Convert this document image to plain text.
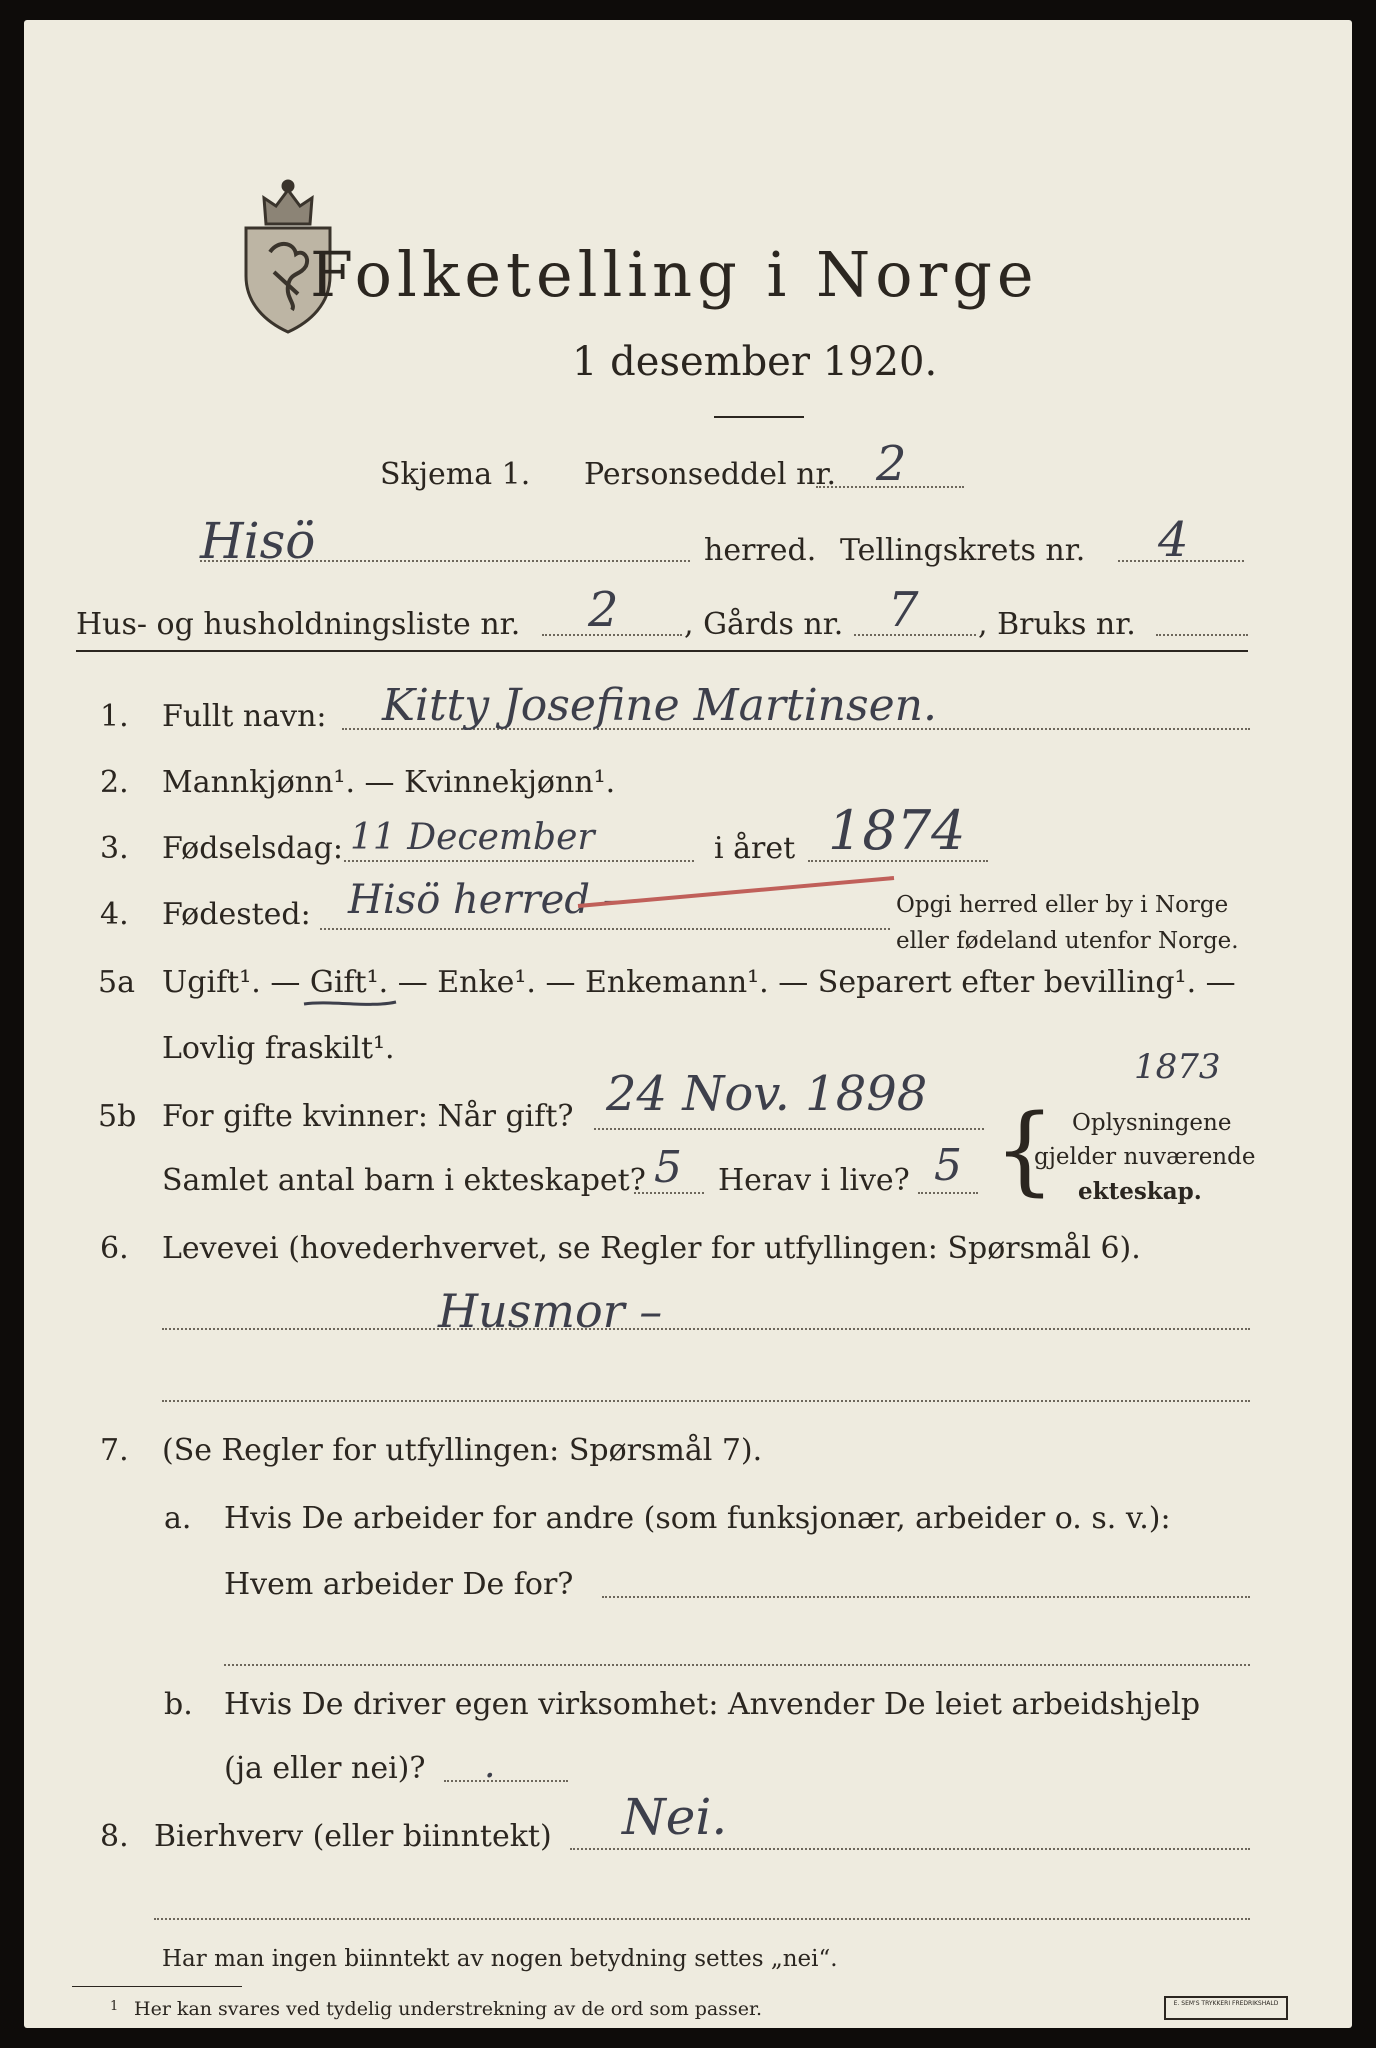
Folketelling i Norge
1 desember 1920.
Skjema 1. Personseddel nr. 2
Hisö	herred. Tellingskrets nr. 4
Hus- og husholdningsliste nr. 2 , Gårds nr. 7 , Bruks nr.
1. Fullt navn: Kitty Josefine Martinsen.
2. Mannkjønn¹. — Kvinnekjønn¹.
3. Fødselsdag: 11 December	i året 1874
4. Fødested: Hisö herred –	Opgi herred eller by i Norge
eller fødeland utenfor Norge.
5a Ugift¹. — Gift¹. — Enke¹. — Enkemann¹. — Separert efter bevilling¹. —
Lovlig fraskilt¹.	1873
5b For gifte kvinner: Når gift? 24 Nov. 1898
Samlet antal barn i ekteskapet? 5 Herav i live? 5 { Oplysningene
gjelder nuværende
ekteskap.
6. Levevei (hovederhvervet, se Regler for utfyllingen: Spørsmål 6).
Husmor –
7. (Se Regler for utfyllingen: Spørsmål 7).
a. Hvis De arbeider for andre (som funksjonær, arbeider o. s. v.):
Hvem arbeider De for?
b. Hvis De driver egen virksomhet: Anvender De leiet arbeidshjelp
(ja eller nei)? .
8. Bierhverv (eller biinntekt) Nei.
Har man ingen biinntekt av nogen betydning settes „nei“.
1 Her kan svares ved tydelig understrekning av de ord som passer.	E. SEM'S TRYKKERI FREDRIKSHALD
